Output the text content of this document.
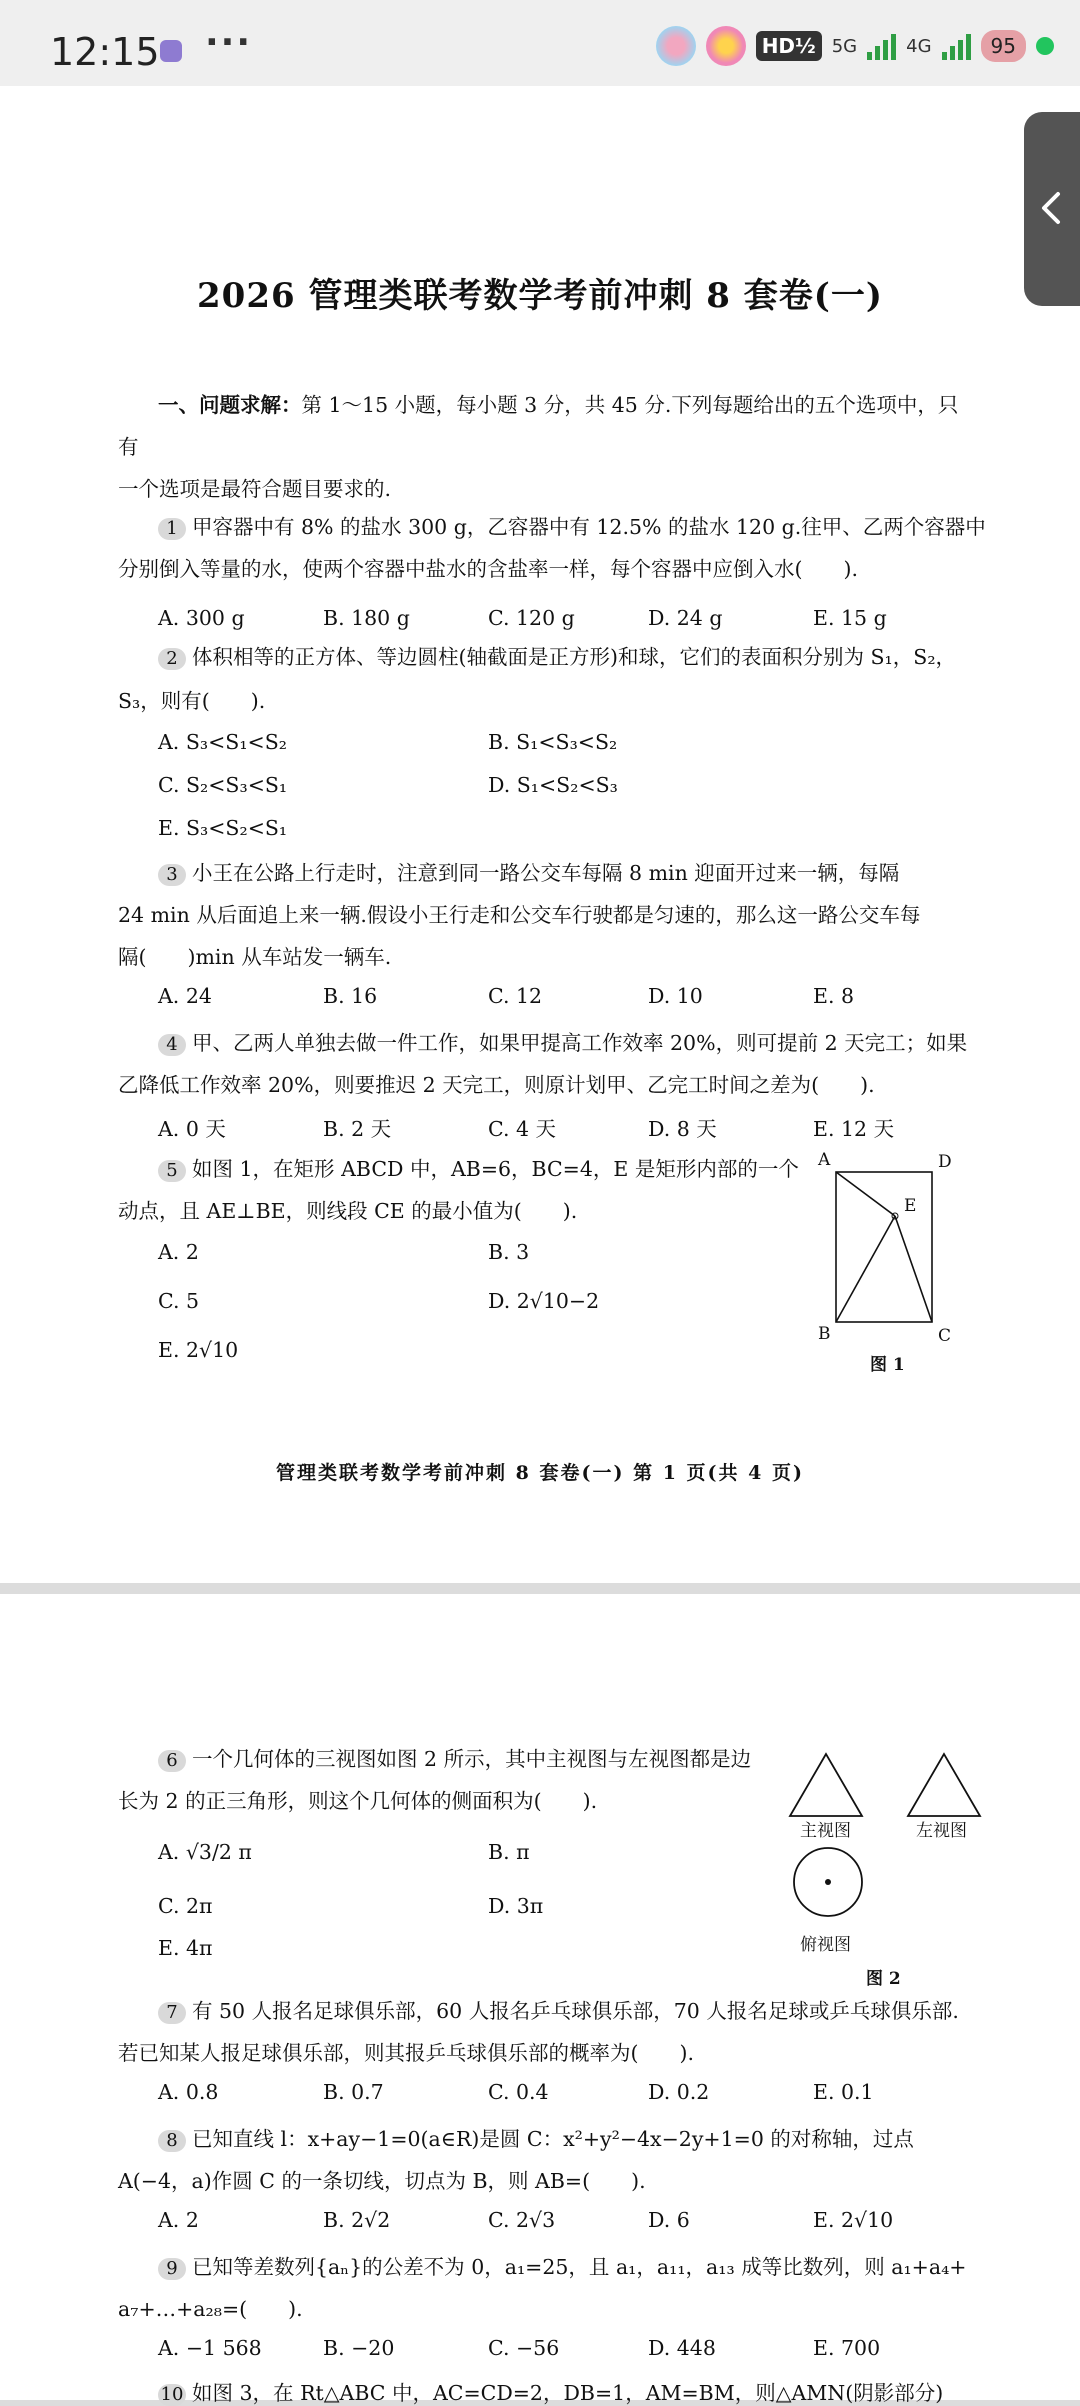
12:15 ···	HD½ 5G	4G	95
2026 管理类联考数学考前冲刺 8 套卷(一)
一、问题求解：第 1～15 小题，每小题 3 分，共 45 分.下列每题给出的五个选项中，只有
一个选项是最符合题目要求的.
1 甲容器中有 8% 的盐水 300 g，乙容器中有 12.5% 的盐水 120 g.往甲、乙两个容器中
分别倒入等量的水，使两个容器中盐水的含盐率一样，每个容器中应倒入水(　　).
A. 300 g	B. 180 g	C. 120 g	D. 24 g	E. 15 g
2 体积相等的正方体、等边圆柱(轴截面是正方形)和球，它们的表面积分别为 S₁，S₂，
S₃，则有(　　).
A. S₃<S₁<S₂	B. S₁<S₃<S₂
C. S₂<S₃<S₁	D. S₁<S₂<S₃
E. S₃<S₂<S₁
3 小王在公路上行走时，注意到同一路公交车每隔 8 min 迎面开过来一辆，每隔
24 min 从后面追上来一辆.假设小王行走和公交车行驶都是匀速的，那么这一路公交车每
隔(　　)min 从车站发一辆车.
A. 24	B. 16	C. 12	D. 10	E. 8
4 甲、乙两人单独去做一件工作，如果甲提高工作效率 20%，则可提前 2 天完工；如果
乙降低工作效率 20%，则要推迟 2 天完工，则原计划甲、乙完工时间之差为(　　).
A. 0 天	B. 2 天	C. 4 天	D. 8 天	E. 12 天
5 如图 1，在矩形 ABCD 中，AB=6，BC=4，E 是矩形内部的一个
动点，且 AE⊥BE，则线段 CE 的最小值为(　　).
A. 2	B. 3
C. 5	D. 2√10−2
E. 2√10
A	D
E
B	C
图 1
管理类联考数学考前冲刺 8 套卷(一) 第 1 页(共 4 页)
6 一个几何体的三视图如图 2 所示，其中主视图与左视图都是边
长为 2 的正三角形，则这个几何体的侧面积为(　　).
A. √3/2 π	B. π
C. 2π	D. 3π
E. 4π
主视图	左视图
俯视图
图 2
7 有 50 人报名足球俱乐部，60 人报名乒乓球俱乐部，70 人报名足球或乒乓球俱乐部.
若已知某人报足球俱乐部，则其报乒乓球俱乐部的概率为(　　).
A. 0.8	B. 0.7	C. 0.4	D. 0.2	E. 0.1
8 已知直线 l：x+ay−1=0(a∈R)是圆 C：x²+y²−4x−2y+1=0 的对称轴，过点
A(−4，a)作圆 C 的一条切线，切点为 B，则 AB=(　　).
A. 2	B. 2√2	C. 2√3	D. 6	E. 2√10
9 已知等差数列{aₙ}的公差不为 0，a₁=25，且 a₁，a₁₁，a₁₃ 成等比数列，则 a₁+a₄+
a₇+…+a₂₈=(　　).
A. −1 568	B. −20	C. −56	D. 448	E. 700
10 如图 3，在 Rt△ABC 中，AC=CD=2，DB=1，AM=BM，则△AMN(阴影部分)
